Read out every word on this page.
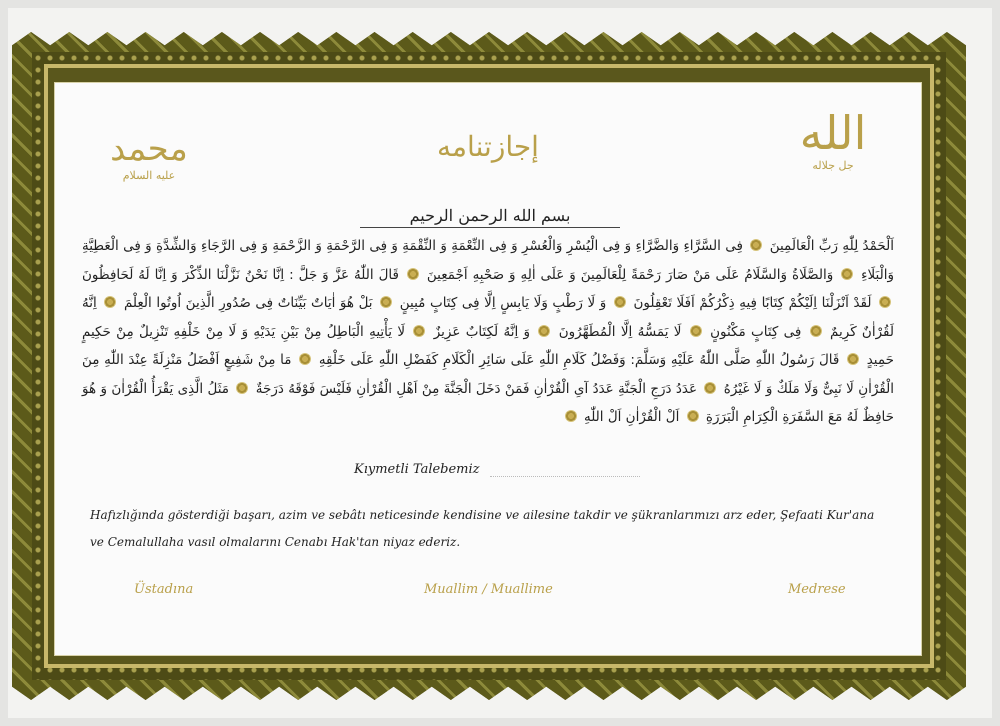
محمد
عليه السلام
إجازتنامه	الله
جل جلاله
بسم الله الرحمن الرحيم
اَلْحَمْدُ لِلّٰهِ رَبِّ الْعَالَمِينَ  فِى السَّرَّاءِ وَالضَّرَّاءِ وَ فِى الْيُسْرِ وَالْعُسْرِ وَ فِى النِّعْمَةِ وَ النِّقْمَةِ وَ فِى الرَّحْمَةِ وَ الزَّحْمَةِ وَ فِى الرَّجَاءِ وَالشِّدَّةِ وَ فِى الْعَطِيَّةِ وَالْبَلَاءِ  وَالصَّلَاةُ وَالسَّلَامُ عَلَى مَنْ صَارَ رَحْمَةً لِلْعَالَمِينَ وَ عَلَى اٰلِهِ وَ صَحْبِهِ اَجْمَعِينَ  قَالَ اللّٰهُ عَزَّ وَ جَلَّ : اِنَّا نَحْنُ نَزَّلْنَا الذِّكْرَ وَ اِنَّا لَهُ لَحَافِظُونَ  لَقَدْ اَنْزَلْنَا اِلَيْكُمْ كِتَابًا فِيهِ ذِكْرُكُمْ اَفَلَا تَعْقِلُونَ  وَ لَا رَطْبٍ وَلَا يَابِسٍ اِلَّا فِى كِتَابٍ مُبِينٍ  بَلْ هُوَ اٰيَاتٌ بَيِّنَاتٌ فِى صُدُورِ الَّذِينَ اُوتُوا الْعِلْمَ  اِنَّهُ لَقُرْاٰنٌ كَرِيمٌ  فِى كِتَابٍ مَكْنُونٍ  لَا يَمَسُّهُ اِلَّا الْمُطَهَّرُونَ  وَ اِنَّهُ لَكِتَابٌ عَزِيزٌ  لَا يَأْتِيهِ الْبَاطِلُ مِنْ بَيْنِ يَدَيْهِ وَ لَا مِنْ خَلْفِهِ تَنْزِيلٌ مِنْ حَكِيمٍ حَمِيدٍ  قَالَ رَسُولُ اللّٰهِ صَلَّى اللّٰهُ عَلَيْهِ وَسَلَّمَ: وَفَضْلُ كَلَامِ اللّٰهِ عَلَى سَائِرِ الْكَلَامِ كَفَضْلِ اللّٰهِ عَلَى خَلْقِهِ  مَا مِنْ شَفِيعٍ اَفْضَلُ مَنْزِلَةً عِنْدَ اللّٰهِ مِنَ الْقُرْاٰنِ لَا نَبِىٌّ وَلَا مَلَكٌ وَ لَا غَيْرُهُ  عَدَدُ دَرَجِ الْجَنَّةِ عَدَدُ آىِ الْقُرْاٰنِ فَمَنْ دَخَلَ الْجَنَّةَ مِنْ اَهْلِ الْقُرْاٰنِ فَلَيْسَ فَوْقَهُ دَرَجَةٌ  مَثَلُ الَّذِى يَقْرَأُ الْقُرْاٰنَ وَ هُوَ حَافِظٌ لَهُ مَعَ السَّفَرَةِ الْكِرَامِ الْبَرَرَةِ  اَلْ الْقُرْاٰنِ اَلْ اللّٰهِ
Kıymetli Talebemiz
Hafızlığında gösterdiği başarı, azim ve sebâtı neticesinde kendisine ve ailesine takdir ve şükranlarımızı arz eder, Şefaati Kur'ana ve Cemalullaha vasıl olmalarını Cenabı Hak'tan niyaz ederiz.
Üstadına	Muallim / Muallime	Medrese
